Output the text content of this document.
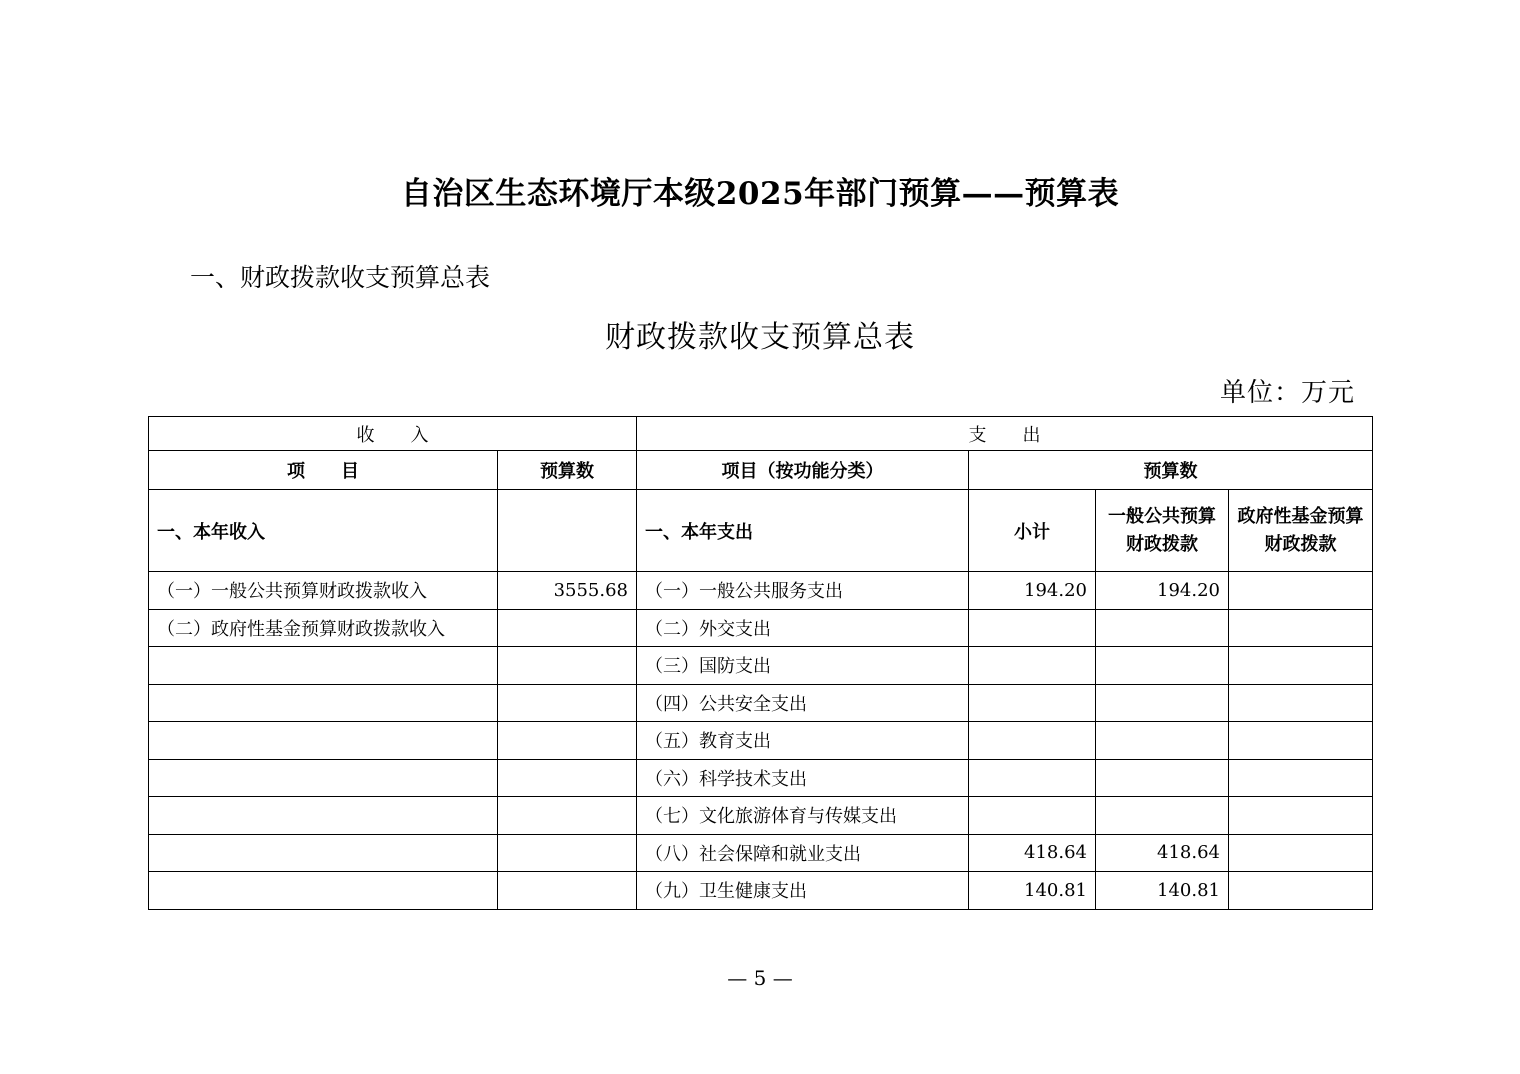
自治区生态环境厅本级2025年部门预算——预算表
一、财政拨款收支预算总表
财政拨款收支预算总表
单位：万元
收　　入		支　　出			
项　　目	预算数	项目（按功能分类）	预算数		
一、本年收入		一、本年支出	小计	一般公共预算财政拨款	政府性基金预算财政拨款
（一）一般公共预算财政拨款收入	3555.68	（一）一般公共服务支出	194.20	194.20	
（二）政府性基金预算财政拨款收入		（二）外交支出			
		（三）国防支出			
		（四）公共安全支出			
		（五）教育支出			
		（六）科学技术支出			
		（七）文化旅游体育与传媒支出			
		（八）社会保障和就业支出	418.64	418.64	
		（九）卫生健康支出	140.81	140.81	
— 5 —
